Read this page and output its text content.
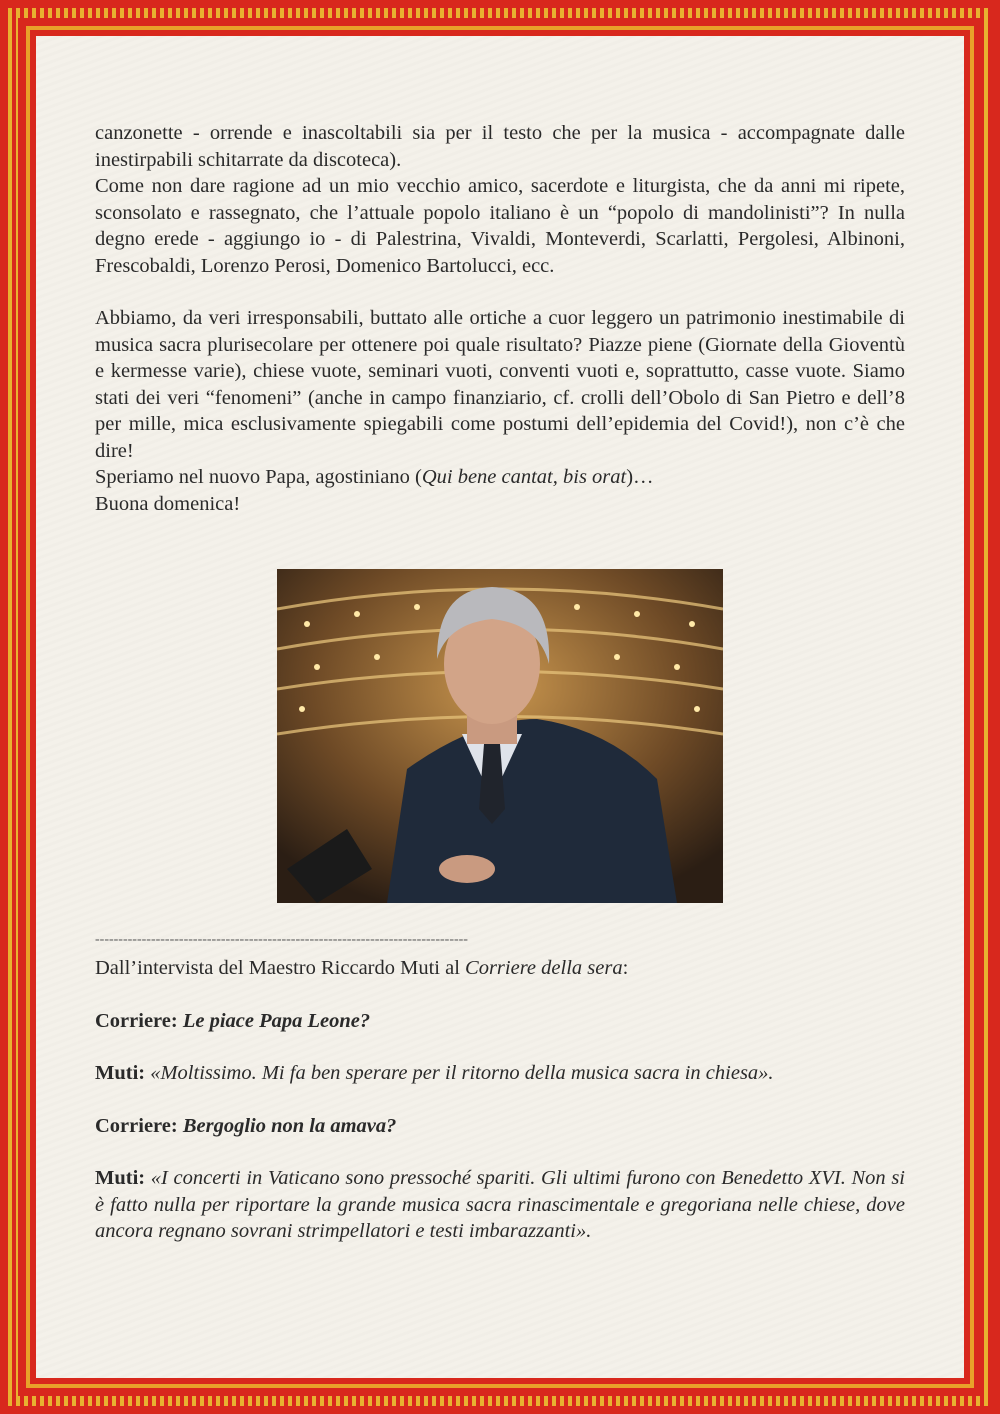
canzonette - orrende e inascoltabili sia per il testo che per la musica - accompagnate dalle inestirpabili schitarrate da discoteca).

Come non dare ragione ad un mio vecchio amico, sacerdote e liturgista, che da anni mi ripete, sconsolato e rassegnato, che l’attuale popolo italiano è un “popolo di mandolinisti”? In nulla degno erede - aggiungo io - di Palestrina, Vivaldi, Monteverdi, Scarlatti, Pergolesi, Albinoni, Frescobaldi, Lorenzo Perosi, Domenico Bartolucci, ecc.

Abbiamo, da veri irresponsabili, buttato alle ortiche a cuor leggero un patrimonio inestimabile di musica sacra plurisecolare per ottenere poi quale risultato? Piazze piene (Giornate della Gioventù e kermesse varie), chiese vuote, seminari vuoti, conventi vuoti e, soprattutto, casse vuote. Siamo stati dei veri “fenomeni” (anche in campo finanziario, cf. crolli dell’Obolo di San Pietro e dell’8 per mille, mica esclusivamente spiegabili come postumi dell’epidemia del Covid!), non c’è che dire!

Speriamo nel nuovo Papa, agostiniano (Qui bene cantat, bis orat)…

Buona domenica!

--------------------------------------------------------------------------------

Dall’intervista del Maestro Riccardo Muti al Corriere della sera:

Corriere: Le piace Papa Leone?

Muti: «Moltissimo. Mi fa ben sperare per il ritorno della musica sacra in chiesa».

Corriere: Bergoglio non la amava?

Muti: «I concerti in Vaticano sono pressoché spariti. Gli ultimi furono con Benedetto XVI. Non si è fatto nulla per riportare la grande musica sacra rinascimentale e gregoriana nelle chiese, dove ancora regnano sovrani strimpellatori e testi imbarazzanti».
